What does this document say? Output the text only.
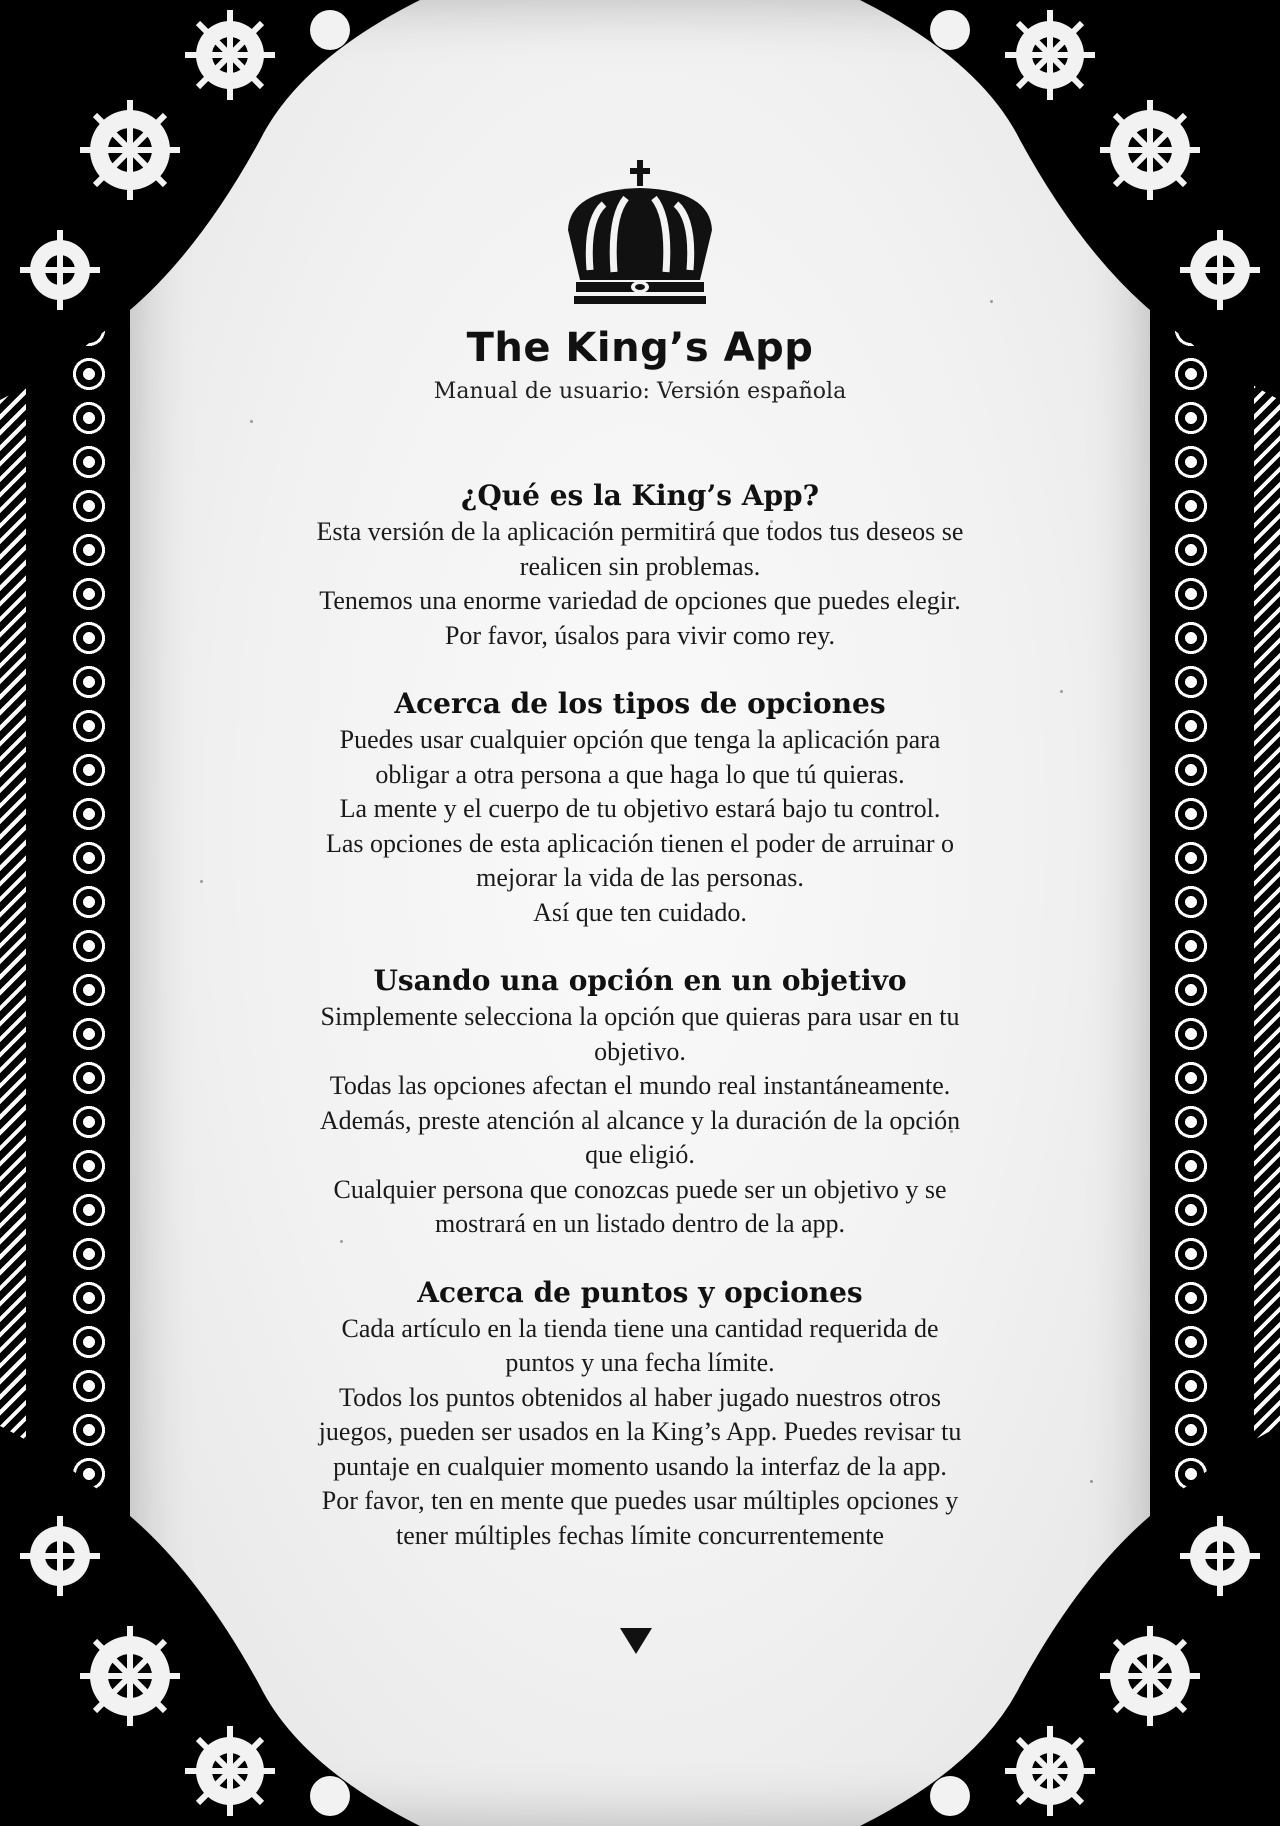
The King’s App
Manual de usuario: Versión española
¿Qué es la King’s App?
Esta versión de la aplicación permitirá que todos tus deseos se
realicen sin problemas.
Tenemos una enorme variedad de opciones que puedes elegir.
Por favor, úsalos para vivir como rey.
Acerca de los tipos de opciones
Puedes usar cualquier opción que tenga la aplicación para
obligar a otra persona a que haga lo que tú quieras.
La mente y el cuerpo de tu objetivo estará bajo tu control.
Las opciones de esta aplicación tienen el poder de arruinar o
mejorar la vida de las personas.
Así que ten cuidado.
Usando una opción en un objetivo
Simplemente selecciona la opción que quieras para usar en tu
objetivo.
Todas las opciones afectan el mundo real instantáneamente.
Además, preste atención al alcance y la duración de la opción
que eligió.
Cualquier persona que conozcas puede ser un objetivo y se
mostrará en un listado dentro de la app.
Acerca de puntos y opciones
Cada artículo en la tienda tiene una cantidad requerida de
puntos y una fecha límite.
Todos los puntos obtenidos al haber jugado nuestros otros
juegos, pueden ser usados en la King’s App. Puedes revisar tu
puntaje en cualquier momento usando la interfaz de la app.
Por favor, ten en mente que puedes usar múltiples opciones y
tener múltiples fechas límite concurrentemente
